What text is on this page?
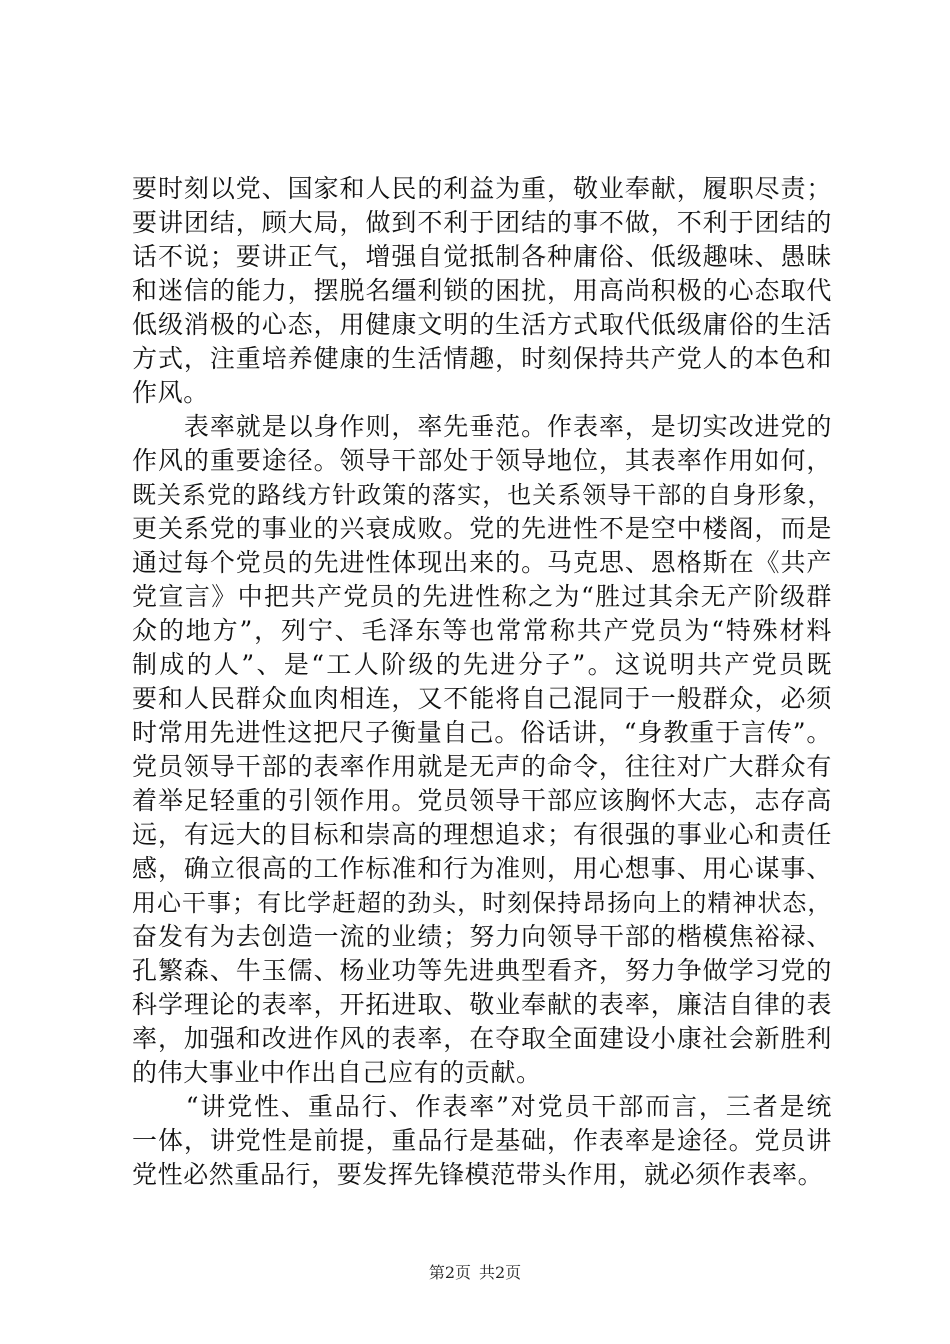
要时刻以党、国家和人民的利益为重，敬业奉献，履职尽责；
要讲团结，顾大局，做到不利于团结的事不做，不利于团结的
话不说；要讲正气，增强自觉抵制各种庸俗、低级趣味、愚昧
和迷信的能力，摆脱名缰利锁的困扰，用高尚积极的心态取代
低级消极的心态，用健康文明的生活方式取代低级庸俗的生活
方式，注重培养健康的生活情趣，时刻保持共产党人的本色和
作风。
　　表率就是以身作则，率先垂范。作表率，是切实改进党的
作风的重要途径。领导干部处于领导地位，其表率作用如何，
既关系党的路线方针政策的落实，也关系领导干部的自身形象，
更关系党的事业的兴衰成败。党的先进性不是空中楼阁，而是
通过每个党员的先进性体现出来的。马克思、恩格斯在《共产
党宣言》中把共产党员的先进性称之为“胜过其余无产阶级群
众的地方”，列宁、毛泽东等也常常称共产党员为“特殊材料
制成的人”、是“工人阶级的先进分子”。这说明共产党员既
要和人民群众血肉相连，又不能将自己混同于一般群众，必须
时常用先进性这把尺子衡量自己。俗话讲，“身教重于言传”。
党员领导干部的表率作用就是无声的命令，往往对广大群众有
着举足轻重的引领作用。党员领导干部应该胸怀大志，志存高
远，有远大的目标和崇高的理想追求；有很强的事业心和责任
感，确立很高的工作标准和行为准则，用心想事、用心谋事、
用心干事；有比学赶超的劲头，时刻保持昂扬向上的精神状态，
奋发有为去创造一流的业绩；努力向领导干部的楷模焦裕禄、
孔繁森、牛玉儒、杨业功等先进典型看齐，努力争做学习党的
科学理论的表率，开拓进取、敬业奉献的表率，廉洁自律的表
率，加强和改进作风的表率，在夺取全面建设小康社会新胜利
的伟大事业中作出自己应有的贡献。
　　“讲党性、重品行、作表率”对党员干部而言，三者是统
一体，讲党性是前提，重品行是基础，作表率是途径。党员讲
党性必然重品行，要发挥先锋模范带头作用，就必须作表率。
第2页 共2页
